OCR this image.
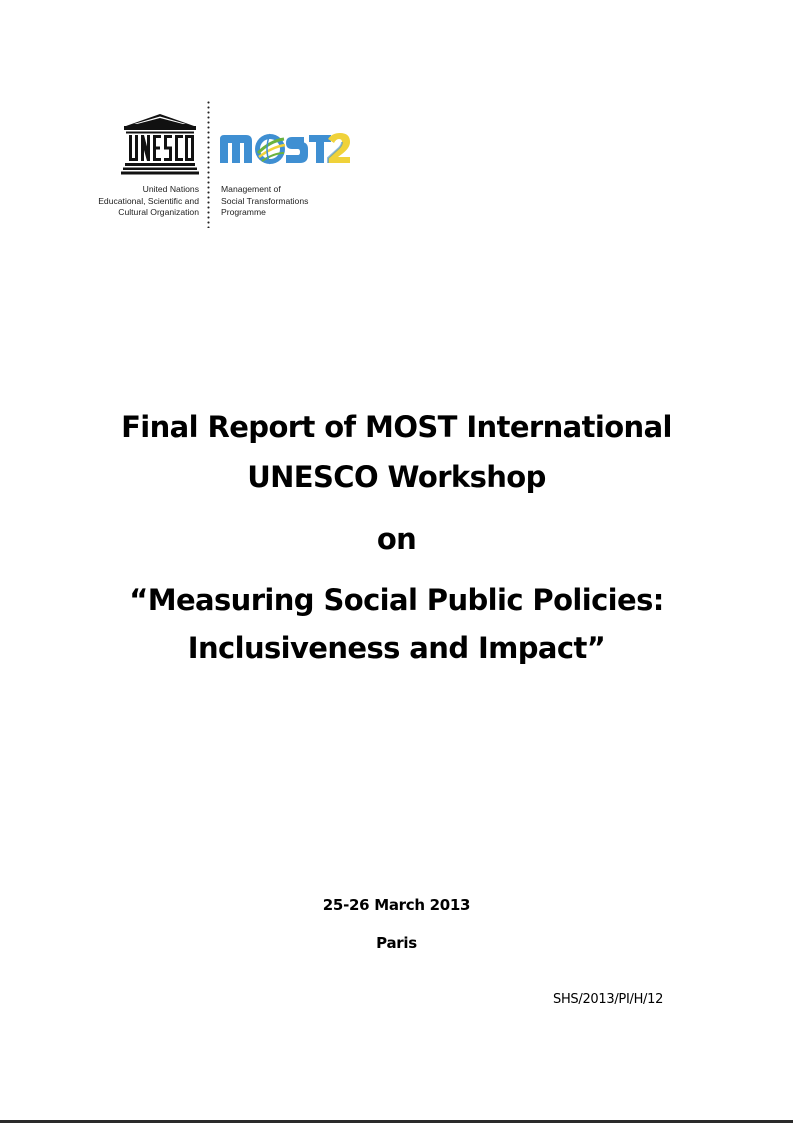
United Nations
Educational, Scientific and
Cultural Organization
Management of
Social Transformations
Programme
Final Report of MOST International
UNESCO Workshop
on
“Measuring Social Public Policies:
Inclusiveness and Impact”
25-26 March 2013
Paris
SHS/2013/PI/H/12
